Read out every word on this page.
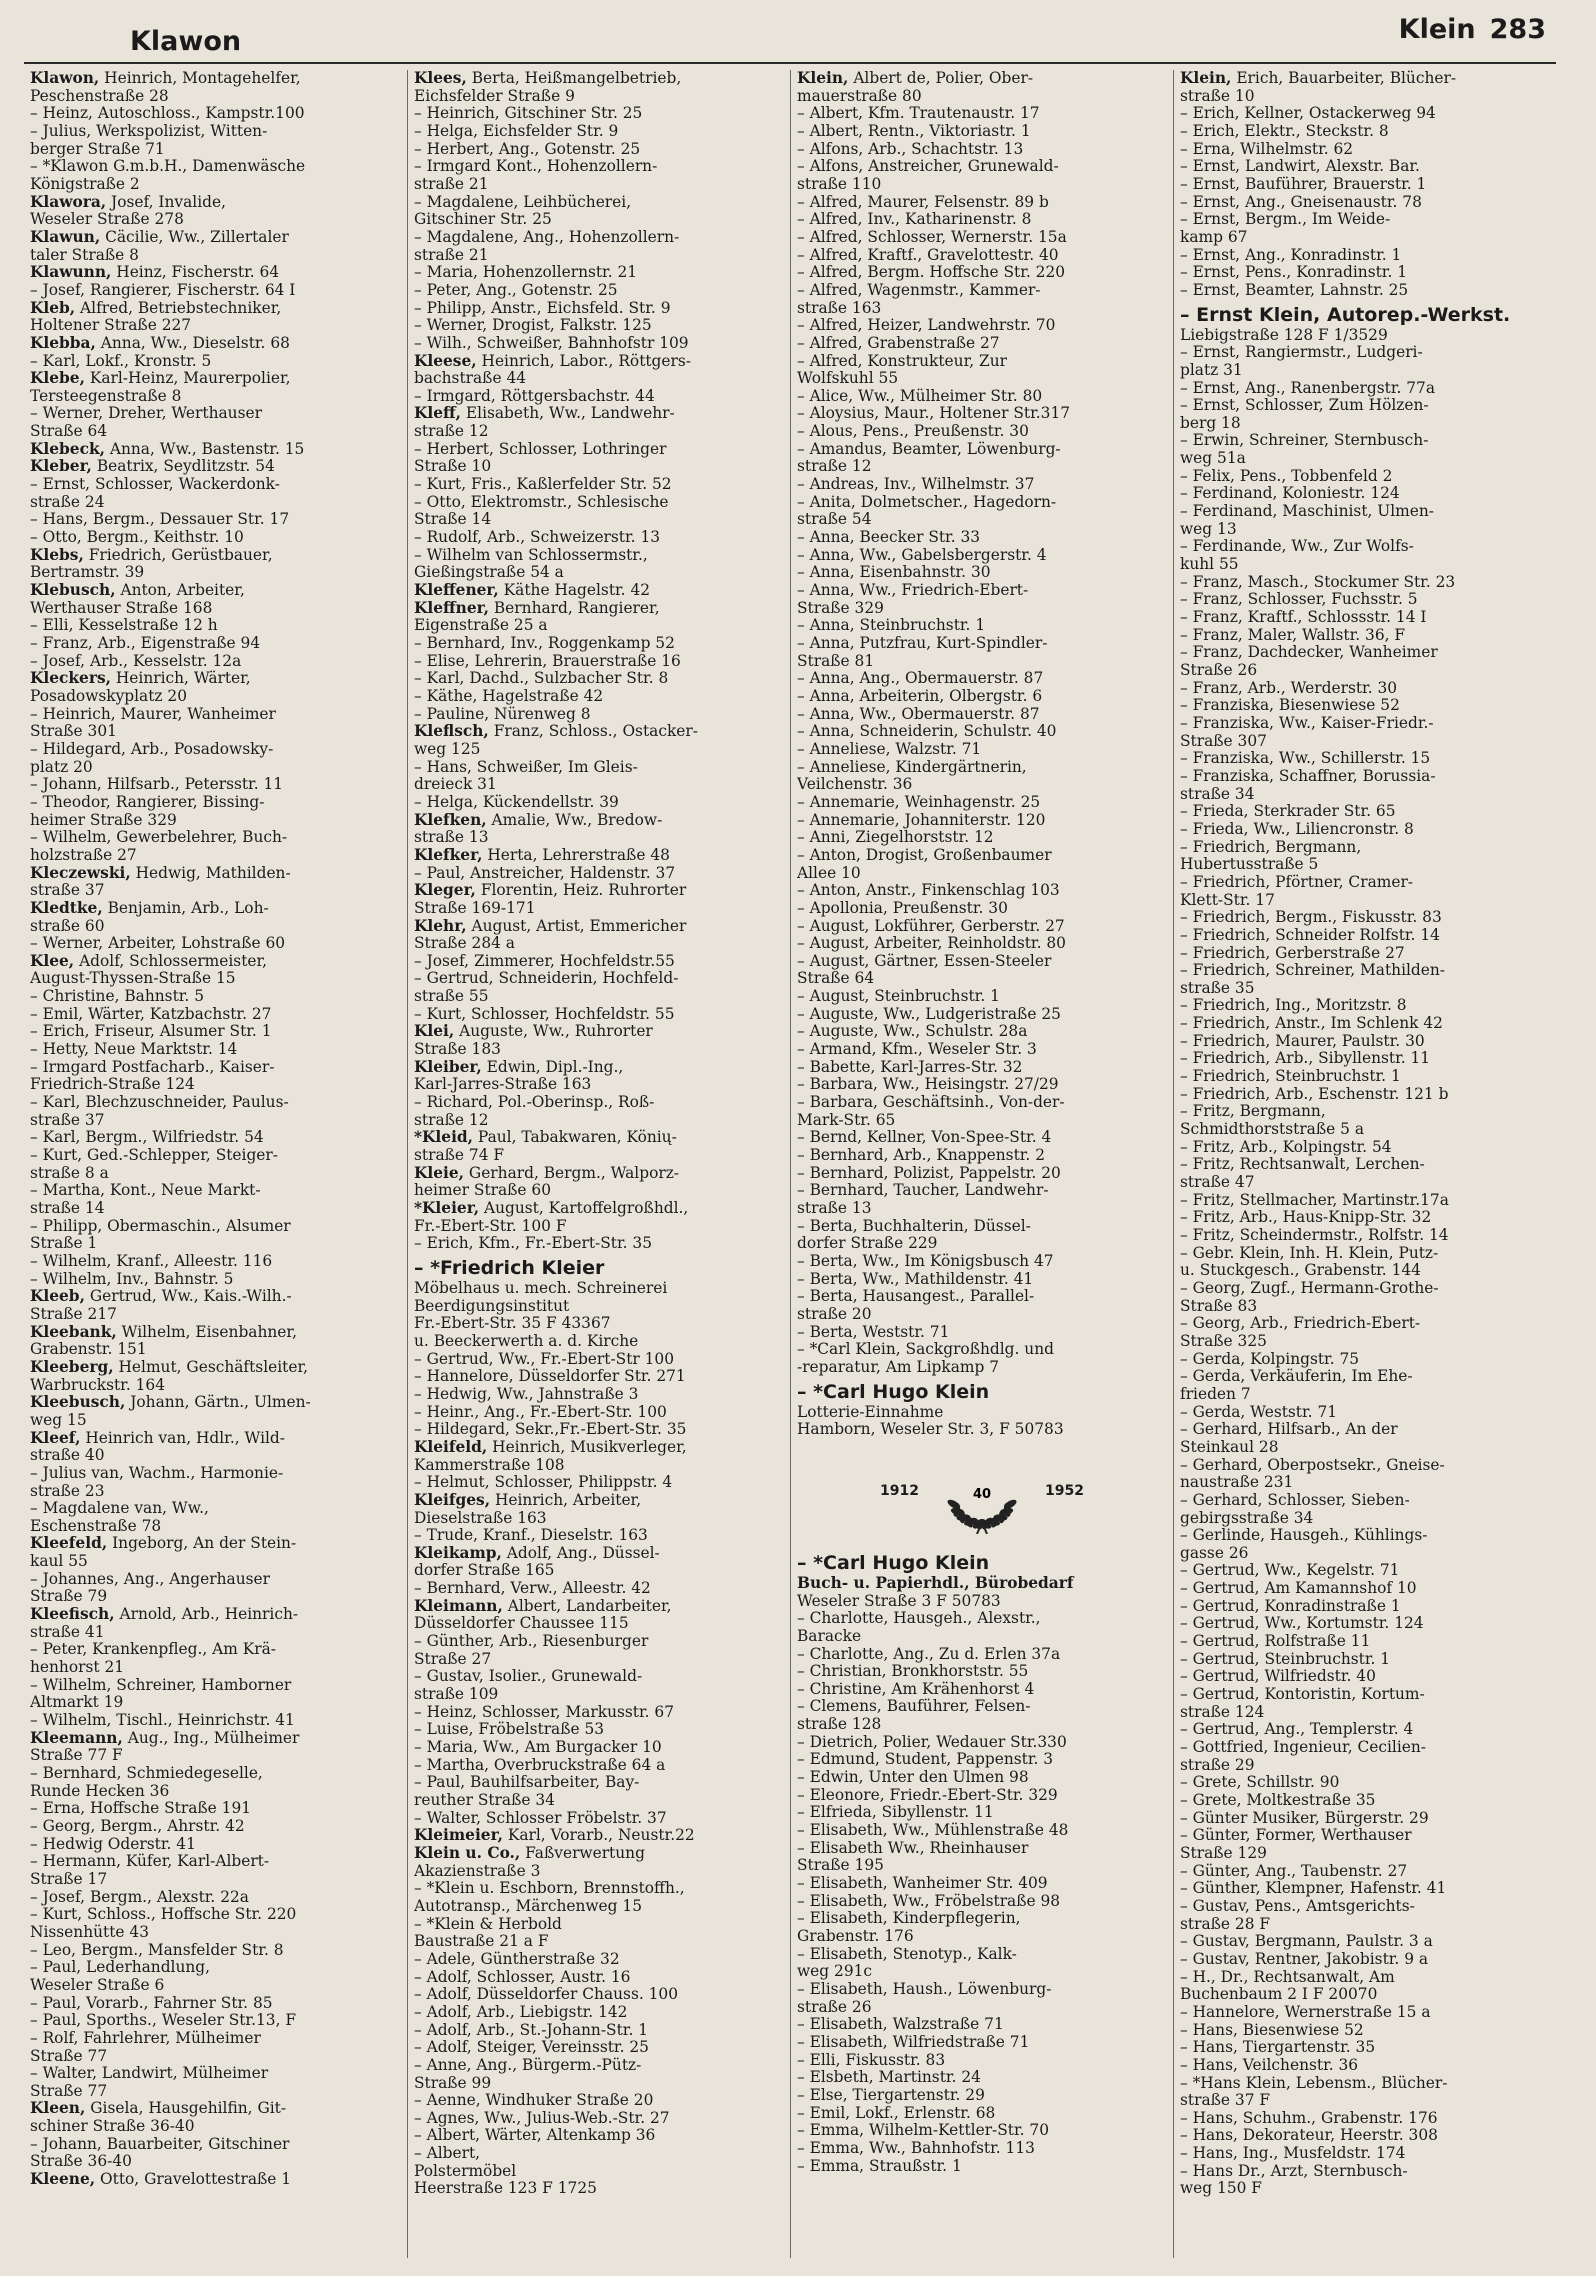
Klawon	Klein 283
Klawon, Heinrich, Montagehelfer,
Peschenstraße 28
– Heinz, Autoschloss., Kampstr.100
– Julius, Werkspolizist, Witten-
berger Straße 71
– *Klawon G.m.b.H., Damenwäsche
Königstraße 2
Klawora, Josef, Invalide,
Weseler Straße 278
Klawun, Cäcilie, Ww., Zillertaler
taler Straße 8
Klawunn, Heinz, Fischerstr. 64
– Josef, Rangierer, Fischerstr. 64 I
Kleb, Alfred, Betriebstechniker,
Holtener Straße 227
Klebba, Anna, Ww., Dieselstr. 68
– Karl, Lokf., Kronstr. 5
Klebe, Karl-Heinz, Maurerpolier,
Tersteegenstraße 8
– Werner, Dreher, Werthauser
Straße 64
Klebeck, Anna, Ww., Bastenstr. 15
Kleber, Beatrix, Seydlitzstr. 54
– Ernst, Schlosser, Wackerdonk-
straße 24
– Hans, Bergm., Dessauer Str. 17
– Otto, Bergm., Keithstr. 10
Klebs, Friedrich, Gerüstbauer,
Bertramstr. 39
Klebusch, Anton, Arbeiter,
Werthauser Straße 168
– Elli, Kesselstraße 12 h
– Franz, Arb., Eigenstraße 94
– Josef, Arb., Kesselstr. 12a
Kleckers, Heinrich, Wärter,
Posadowskyplatz 20
– Heinrich, Maurer, Wanheimer
Straße 301
– Hildegard, Arb., Posadowsky-
platz 20
– Johann, Hilfsarb., Petersstr. 11
– Theodor, Rangierer, Bissing-
heimer Straße 329
– Wilhelm, Gewerbelehrer, Buch-
holzstraße 27
Kleczewski, Hedwig, Mathilden-
straße 37
Kledtke, Benjamin, Arb., Loh-
straße 60
– Werner, Arbeiter, Lohstraße 60
Klee, Adolf, Schlossermeister,
August-Thyssen-Straße 15
– Christine, Bahnstr. 5
– Emil, Wärter, Katzbachstr. 27
– Erich, Friseur, Alsumer Str. 1
– Hetty, Neue Marktstr. 14
– Irmgard Postfacharb., Kaiser-
Friedrich-Straße 124
– Karl, Blechzuschneider, Paulus-
straße 37
– Karl, Bergm., Wilfriedstr. 54
– Kurt, Ged.-Schlepper, Steiger-
straße 8 a
– Martha, Kont., Neue Markt-
straße 14
– Philipp, Obermaschin., Alsumer
Straße 1
– Wilhelm, Kranf., Alleestr. 116
– Wilhelm, Inv., Bahnstr. 5
Kleeb, Gertrud, Ww., Kais.-Wilh.-
Straße 217
Kleebank, Wilhelm, Eisenbahner,
Grabenstr. 151
Kleeberg, Helmut, Geschäftsleiter,
Warbruckstr. 164
Kleebusch, Johann, Gärtn., Ulmen-
weg 15
Kleef, Heinrich van, Hdlr., Wild-
straße 40
– Julius van, Wachm., Harmonie-
straße 23
– Magdalene van, Ww.,
Eschenstraße 78
Kleefeld, Ingeborg, An der Stein-
kaul 55
– Johannes, Ang., Angerhauser
Straße 79
Kleefisch, Arnold, Arb., Heinrich-
straße 41
– Peter, Krankenpfleg., Am Krä-
henhorst 21
– Wilhelm, Schreiner, Hamborner
Altmarkt 19
– Wilhelm, Tischl., Heinrichstr. 41
Kleemann, Aug., Ing., Mülheimer
Straße 77 F
– Bernhard, Schmiedegeselle,
Runde Hecken 36
– Erna, Hoffsche Straße 191
– Georg, Bergm., Ahrstr. 42
– Hedwig Oderstr. 41
– Hermann, Küfer, Karl-Albert-
Straße 17
– Josef, Bergm., Alexstr. 22a
– Kurt, Schloss., Hoffsche Str. 220
Nissenhütte 43
– Leo, Bergm., Mansfelder Str. 8
– Paul, Lederhandlung,
Weseler Straße 6
– Paul, Vorarb., Fahrner Str. 85
– Paul, Sporths., Weseler Str.13, F
– Rolf, Fahrlehrer, Mülheimer
Straße 77
– Walter, Landwirt, Mülheimer
Straße 77
Kleen, Gisela, Hausgehilfin, Git-
schiner Straße 36-40
– Johann, Bauarbeiter, Gitschiner
Straße 36-40
Kleene, Otto, Gravelottestraße 1
Klees, Berta, Heißmangelbetrieb,
Eichsfelder Straße 9
– Heinrich, Gitschiner Str. 25
– Helga, Eichsfelder Str. 9
– Herbert, Ang., Gotenstr. 25
– Irmgard Kont., Hohenzollern-
straße 21
– Magdalene, Leihbücherei,
Gitschiner Str. 25
– Magdalene, Ang., Hohenzollern-
straße 21
– Maria, Hohenzollernstr. 21
– Peter, Ang., Gotenstr. 25
– Philipp, Anstr., Eichsfeld. Str. 9
– Werner, Drogist, Falkstr. 125
– Wilh., Schweißer, Bahnhofstr 109
Kleese, Heinrich, Labor., Röttgers-
bachstraße 44
– Irmgard, Röttgersbachstr. 44
Kleff, Elisabeth, Ww., Landwehr-
straße 12
– Herbert, Schlosser, Lothringer
Straße 10
– Kurt, Fris., Kaßlerfelder Str. 52
– Otto, Elektromstr., Schlesische
Straße 14
– Rudolf, Arb., Schweizerstr. 13
– Wilhelm van Schlossermstr.,
Gießingstraße 54 a
Kleffener, Käthe Hagelstr. 42
Kleffner, Bernhard, Rangierer,
Eigenstraße 25 a
– Bernhard, Inv., Roggenkamp 52
– Elise, Lehrerin, Brauerstraße 16
– Karl, Dachd., Sulzbacher Str. 8
– Käthe, Hagelstraße 42
– Pauline, Nürenweg 8
Kleflsch, Franz, Schloss., Ostacker-
weg 125
– Hans, Schweißer, Im Gleis-
dreieck 31
– Helga, Kückendellstr. 39
Klefken, Amalie, Ww., Bredow-
straße 13
Klefker, Herta, Lehrerstraße 48
– Paul, Anstreicher, Haldenstr. 37
Kleger, Florentin, Heiz. Ruhrorter
Straße 169-171
Klehr, August, Artist, Emmericher
Straße 284 a
– Josef, Zimmerer, Hochfeldstr.55
– Gertrud, Schneiderin, Hochfeld-
straße 55
– Kurt, Schlosser, Hochfeldstr. 55
Klei, Auguste, Ww., Ruhrorter
Straße 183
Kleiber, Edwin, Dipl.-Ing.,
Karl-Jarres-Straße 163
– Richard, Pol.-Oberinsp., Roß-
straße 12
*Kleid, Paul, Tabakwaren, Könių-
straße 74 F
Kleie, Gerhard, Bergm., Walporz-
heimer Straße 60
*Kleier, August, Kartoffelgroßhdl.,
Fr.-Ebert-Str. 100 F
– Erich, Kfm., Fr.-Ebert-Str. 35
– *Friedrich Kleier
Möbelhaus u. mech. Schreinerei
Beerdigungsinstitut
Fr.-Ebert-Str. 35 F 43367
u. Beeckerwerth a. d. Kirche
– Gertrud, Ww., Fr.-Ebert-Str 100
– Hannelore, Düsseldorfer Str. 271
– Hedwig, Ww., Jahnstraße 3
– Heinr., Ang., Fr.-Ebert-Str. 100
– Hildegard, Sekr.,Fr.-Ebert-Str. 35
Kleifeld, Heinrich, Musikverleger,
Kammerstraße 108
– Helmut, Schlosser, Philippstr. 4
Kleifges, Heinrich, Arbeiter,
Dieselstraße 163
– Trude, Kranf., Dieselstr. 163
Kleikamp, Adolf, Ang., Düssel-
dorfer Straße 165
– Bernhard, Verw., Alleestr. 42
Kleimann, Albert, Landarbeiter,
Düsseldorfer Chaussee 115
– Günther, Arb., Riesenburger
Straße 27
– Gustav, Isolier., Grunewald-
straße 109
– Heinz, Schlosser, Markusstr. 67
– Luise, Fröbelstraße 53
– Maria, Ww., Am Burgacker 10
– Martha, Overbruckstraße 64 a
– Paul, Bauhilfsarbeiter, Bay-
reuther Straße 34
– Walter, Schlosser Fröbelstr. 37
Kleimeier, Karl, Vorarb., Neustr.22
Klein u. Co., Faßverwertung
Akazienstraße 3
– *Klein u. Eschborn, Brennstoffh.,
Autotransp., Märchenweg 15
– *Klein & Herbold
Baustraße 21 a F
– Adele, Güntherstraße 32
– Adolf, Schlosser, Austr. 16
– Adolf, Düsseldorfer Chauss. 100
– Adolf, Arb., Liebigstr. 142
– Adolf, Arb., St.-Johann-Str. 1
– Adolf, Steiger, Vereinsstr. 25
– Anne, Ang., Bürgerm.-Pütz-
Straße 99
– Aenne, Windhuker Straße 20
– Agnes, Ww., Julius-Web.-Str. 27
– Albert, Wärter, Altenkamp 36
– Albert,
Polstermöbel
Heerstraße 123 F 1725
Klein, Albert de, Polier, Ober-
mauerstraße 80
– Albert, Kfm. Trautenaustr. 17
– Albert, Rentn., Viktoriastr. 1
– Alfons, Arb., Schachtstr. 13
– Alfons, Anstreicher, Grunewald-
straße 110
– Alfred, Maurer, Felsenstr. 89 b
– Alfred, Inv., Katharinenstr. 8
– Alfred, Schlosser, Wernerstr. 15a
– Alfred, Kraftf., Gravelottestr. 40
– Alfred, Bergm. Hoffsche Str. 220
– Alfred, Wagenmstr., Kammer-
straße 163
– Alfred, Heizer, Landwehrstr. 70
– Alfred, Grabenstraße 27
– Alfred, Konstrukteur, Zur
Wolfskuhl 55
– Alice, Ww., Mülheimer Str. 80
– Aloysius, Maur., Holtener Str.317
– Alous, Pens., Preußenstr. 30
– Amandus, Beamter, Löwenburg-
straße 12
– Andreas, Inv., Wilhelmstr. 37
– Anita, Dolmetscher., Hagedorn-
straße 54
– Anna, Beecker Str. 33
– Anna, Ww., Gabelsbergerstr. 4
– Anna, Eisenbahnstr. 30
– Anna, Ww., Friedrich-Ebert-
Straße 329
– Anna, Steinbruchstr. 1
– Anna, Putzfrau, Kurt-Spindler-
Straße 81
– Anna, Ang., Obermauerstr. 87
– Anna, Arbeiterin, Ölbergstr. 6
– Anna, Ww., Obermauerstr. 87
– Anna, Schneiderin, Schulstr. 40
– Anneliese, Walzstr. 71
– Anneliese, Kindergärtnerin,
Veilchenstr. 36
– Annemarie, Weinhagenstr. 25
– Annemarie, Johanniterstr. 120
– Anni, Ziegelhorststr. 12
– Anton, Drogist, Großenbaumer
Allee 10
– Anton, Anstr., Finkenschlag 103
– Apollonia, Preußenstr. 30
– August, Lokführer, Gerberstr. 27
– August, Arbeiter, Reinholdstr. 80
– August, Gärtner, Essen-Steeler
Straße 64
– August, Steinbruchstr. 1
– Auguste, Ww., Ludgeristraße 25
– Auguste, Ww., Schulstr. 28a
– Armand, Kfm., Weseler Str. 3
– Babette, Karl-Jarres-Str. 32
– Barbara, Ww., Heisingstr. 27/29
– Barbara, Geschäftsinh., Von-der-
Mark-Str. 65
– Bernd, Kellner, Von-Spee-Str. 4
– Bernhard, Arb., Knappenstr. 2
– Bernhard, Polizist, Pappelstr. 20
– Bernhard, Taucher, Landwehr-
straße 13
– Berta, Buchhalterin, Düssel-
dorfer Straße 229
– Berta, Ww., Im Königsbusch 47
– Berta, Ww., Mathildenstr. 41
– Berta, Hausangest., Parallel-
straße 20
– Berta, Weststr. 71
– *Carl Klein, Sackgroßhdlg. und
-reparatur, Am Lipkamp 7
– *Carl Hugo Klein
Lotterie-Einnahme
Hamborn, Weseler Str. 3, F 50783
1912	40	1952
– *Carl Hugo Klein
Buch- u. Papierhdl., Bürobedarf
Weseler Straße 3 F 50783
– Charlotte, Hausgeh., Alexstr.,
Baracke
– Charlotte, Ang., Zu d. Erlen 37a
– Christian, Bronkhorststr. 55
– Christine, Am Krähenhorst 4
– Clemens, Bauführer, Felsen-
straße 128
– Dietrich, Polier, Wedauer Str.330
– Edmund, Student, Pappenstr. 3
– Edwin, Unter den Ulmen 98
– Eleonore, Friedr.-Ebert-Str. 329
– Elfrieda, Sibyllenstr. 11
– Elisabeth, Ww., Mühlenstraße 48
– Elisabeth Ww., Rheinhauser
Straße 195
– Elisabeth, Wanheimer Str. 409
– Elisabeth, Ww., Fröbelstraße 98
– Elisabeth, Kinderpflegerin,
Grabenstr. 176
– Elisabeth, Stenotyp., Kalk-
weg 291c
– Elisabeth, Haush., Löwenburg-
straße 26
– Elisabeth, Walzstraße 71
– Elisabeth, Wilfriedstraße 71
– Elli, Fiskusstr. 83
– Elsbeth, Martinstr. 24
– Else, Tiergartenstr. 29
– Emil, Lokf., Erlenstr. 68
– Emma, Wilhelm-Kettler-Str. 70
– Emma, Ww., Bahnhofstr. 113
– Emma, Straußstr. 1
Klein, Erich, Bauarbeiter, Blücher-
straße 10
– Erich, Kellner, Ostackerweg 94
– Erich, Elektr., Steckstr. 8
– Erna, Wilhelmstr. 62
– Ernst, Landwirt, Alexstr. Bar.
– Ernst, Bauführer, Brauerstr. 1
– Ernst, Ang., Gneisenaustr. 78
– Ernst, Bergm., Im Weide-
kamp 67
– Ernst, Ang., Konradinstr. 1
– Ernst, Pens., Konradinstr. 1
– Ernst, Beamter, Lahnstr. 25
– Ernst Klein, Autorep.-Werkst.
Liebigstraße 128 F 1/3529
– Ernst, Rangiermstr., Ludgeri-
platz 31
– Ernst, Ang., Ranenbergstr. 77a
– Ernst, Schlosser, Zum Hölzen-
berg 18
– Erwin, Schreiner, Sternbusch-
weg 51a
– Felix, Pens., Tobbenfeld 2
– Ferdinand, Koloniestr. 124
– Ferdinand, Maschinist, Ulmen-
weg 13
– Ferdinande, Ww., Zur Wolfs-
kuhl 55
– Franz, Masch., Stockumer Str. 23
– Franz, Schlosser, Fuchsstr. 5
– Franz, Kraftf., Schlossstr. 14 I
– Franz, Maler, Wallstr. 36, F
– Franz, Dachdecker, Wanheimer
Straße 26
– Franz, Arb., Werderstr. 30
– Franziska, Biesenwiese 52
– Franziska, Ww., Kaiser-Friedr.-
Straße 307
– Franziska, Ww., Schillerstr. 15
– Franziska, Schaffner, Borussia-
straße 34
– Frieda, Sterkrader Str. 65
– Frieda, Ww., Liliencronstr. 8
– Friedrich, Bergmann,
Hubertusstraße 5
– Friedrich, Pförtner, Cramer-
Klett-Str. 17
– Friedrich, Bergm., Fiskusstr. 83
– Friedrich, Schneider Rolfstr. 14
– Friedrich, Gerberstraße 27
– Friedrich, Schreiner, Mathilden-
straße 35
– Friedrich, Ing., Moritzstr. 8
– Friedrich, Anstr., Im Schlenk 42
– Friedrich, Maurer, Paulstr. 30
– Friedrich, Arb., Sibyllenstr. 11
– Friedrich, Steinbruchstr. 1
– Friedrich, Arb., Eschenstr. 121 b
– Fritz, Bergmann,
Schmidthorststraße 5 a
– Fritz, Arb., Kolpingstr. 54
– Fritz, Rechtsanwalt, Lerchen-
straße 47
– Fritz, Stellmacher, Martinstr.17a
– Fritz, Arb., Haus-Knipp-Str. 32
– Fritz, Scheindermstr., Rolfstr. 14
– Gebr. Klein, Inh. H. Klein, Putz-
u. Stuckgesch., Grabenstr. 144
– Georg, Zugf., Hermann-Grothe-
Straße 83
– Georg, Arb., Friedrich-Ebert-
Straße 325
– Gerda, Kolpingstr. 75
– Gerda, Verkäuferin, Im Ehe-
frieden 7
– Gerda, Weststr. 71
– Gerhard, Hilfsarb., An der
Steinkaul 28
– Gerhard, Oberpostsekr., Gneise-
naustraße 231
– Gerhard, Schlosser, Sieben-
gebirgsstraße 34
– Gerlinde, Hausgeh., Kühlings-
gasse 26
– Gertrud, Ww., Kegelstr. 71
– Gertrud, Am Kamannshof 10
– Gertrud, Konradinstraße 1
– Gertrud, Ww., Kortumstr. 124
– Gertrud, Rolfstraße 11
– Gertrud, Steinbruchstr. 1
– Gertrud, Wilfriedstr. 40
– Gertrud, Kontoristin, Kortum-
straße 124
– Gertrud, Ang., Templerstr. 4
– Gottfried, Ingenieur, Cecilien-
straße 29
– Grete, Schillstr. 90
– Grete, Moltkestraße 35
– Günter Musiker, Bürgerstr. 29
– Günter, Former, Werthauser
Straße 129
– Günter, Ang., Taubenstr. 27
– Günther, Klempner, Hafenstr. 41
– Gustav, Pens., Amtsgerichts-
straße 28 F
– Gustav, Bergmann, Paulstr. 3 a
– Gustav, Rentner, Jakobistr. 9 a
– H., Dr., Rechtsanwalt, Am
Buchenbaum 2 I F 20070
– Hannelore, Wernerstraße 15 a
– Hans, Biesenwiese 52
– Hans, Tiergartenstr. 35
– Hans, Veilchenstr. 36
– *Hans Klein, Lebensm., Blücher-
straße 37 F
– Hans, Schuhm., Grabenstr. 176
– Hans, Dekorateur, Heerstr. 308
– Hans, Ing., Musfeldstr. 174
– Hans Dr., Arzt, Sternbusch-
weg 150 F
